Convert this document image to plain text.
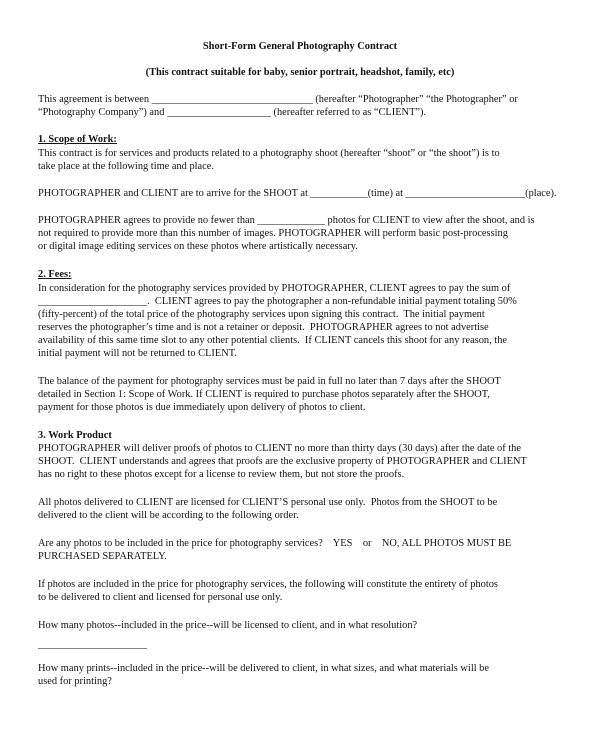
Short-Form General Photography Contract
(This contract suitable for baby, senior portrait, headshot, family, etc)
This agreement is between _______________________________ (hereafter “Photographer” “the Photographer” or
“Photography Company”) and ____________________ (hereafter referred to as “CLIENT”).
1. Scope of Work:
This contract is for services and products related to a photography shoot (hereafter “shoot” or “the shoot”) is to
take place at the following time and place.
PHOTOGRAPHER and CLIENT are to arrive for the SHOOT at ___________(time) at _______________________(place).
PHOTOGRAPHER agrees to provide no fewer than _____________ photos for CLIENT to view after the shoot, and is
not required to provide more than this number of images. PHOTOGRAPHER will perform basic post-processing
or digital image editing services on these photos where artistically necessary.
2. Fees:
In consideration for the photography services provided by PHOTOGRAPHER, CLIENT agrees to pay the sum of
_____________________.  CLIENT agrees to pay the photographer a non-refundable initial payment totaling 50%
(fifty-percent) of the total price of the photography services upon signing this contract.  The initial payment
reserves the photographer’s time and is not a retainer or deposit.  PHOTOGRAPHER agrees to not advertise
availability of this same time slot to any other potential clients.  If CLIENT cancels this shoot for any reason, the
initial payment will not be returned to CLIENT.
The balance of the payment for photography services must be paid in full no later than 7 days after the SHOOT
detailed in Section 1: Scope of Work. If CLIENT is required to purchase photos separately after the SHOOT,
payment for those photos is due immediately upon delivery of photos to client.
3. Work Product
PHOTOGRAPHER will deliver proofs of photos to CLIENT no more than thirty days (30 days) after the date of the
SHOOT.  CLIENT understands and agrees that proofs are the exclusive property of PHOTOGRAPHER and CLIENT
has no right to these photos except for a license to review them, but not store the proofs.
All photos delivered to CLIENT are licensed for CLIENT’S personal use only.  Photos from the SHOOT to be
delivered to the client will be according to the following order.
Are any photos to be included in the price for photography services?    YES    or    NO, ALL PHOTOS MUST BE
PURCHASED SEPARATELY.
If photos are included in the price for photography services, the following will constitute the entirety of photos
to be delivered to client and licensed for personal use only.
How many photos--included in the price--will be licensed to client, and in what resolution?
_____________________
How many prints--included in the price--will be delivered to client, in what sizes, and what materials will be
used for printing?
